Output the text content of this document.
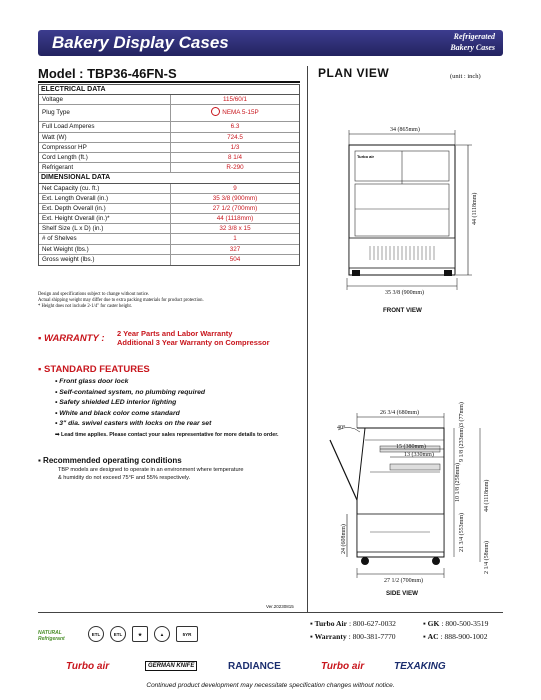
Bakery Display Cases	Refrigerated
Bakery Cases
Model : TBP36-46FN-S	PLAN VIEW	(unit : inch)
ELECTRICAL DATA
Voltage	115/60/1
Plug Type	NEMA 5-15P
Full Load Amperes	6.3
Watt (W)	724.5
Compressor HP	1/3
Cord Length (ft.)	8 1/4
Refrigerant	R-290
DIMENSIONAL DATA
Net Capacity (cu. ft.)	9
Ext. Length Overall (in.)	35 3/8 (900mm)
Ext. Depth Overall (in.)	27 1/2 (700mm)
Ext. Height Overall (in.)*	44 (1118mm)
Shelf Size (L x D) (in.)	32 3/8 x 15
# of Shelves	1
Net Weight (lbs.)	327
Gross weight (lbs.)	504
Design and specifications subject to change without notice.
Actual shipping weight may differ due to extra packing materials for product protection.
* Height does not include 2-1/4" for caster height.
▪ WARRANTY : 2 Year Parts and Labor Warranty
Additional 3 Year Warranty on Compressor
▪ STANDARD FEATURES
• Front glass door lock
• Self-contained system, no plumbing required
• Safety shielded LED interior lighting
• White and black color come standard
• 3" dia. swivel casters with locks on the rear set
➡ Lead time applies. Please contact your sales representative for more details to order.
▪ Recommended operating conditions
TBP models are designed to operate in an environment where temperature
& humidity do not exceed 75°F and 55% respectively.
Ver.20230815
34 (865mm)
Turbo air
44 (1118mm)
35 3/8 (900mm)
FRONT VIEW
26 3/4 (680mm)	3 (77mm)
15 (380mm)
13 (330mm)
40°
24 (608mm)
9 1/8 (233mm)
10 1/8 (258mm)
21 3/4 (553mm)
44 (1118mm)
2 1/4 (58mm)
27 1/2 (700mm)
SIDE VIEW
NATURAL
Refrigerant
ETL	ETL	★	▲	5YR
▪ Turbo Air : 800-627-0032	▪ GK : 800-500-3519
▪ Warranty : 800-381-7770	▪ AC : 888-900-1002
Turbo air	GERMAN KNIFE	RADIANCE	Turbo air	TEXAKING
Continued product development may necessitate specification changes without notice.
